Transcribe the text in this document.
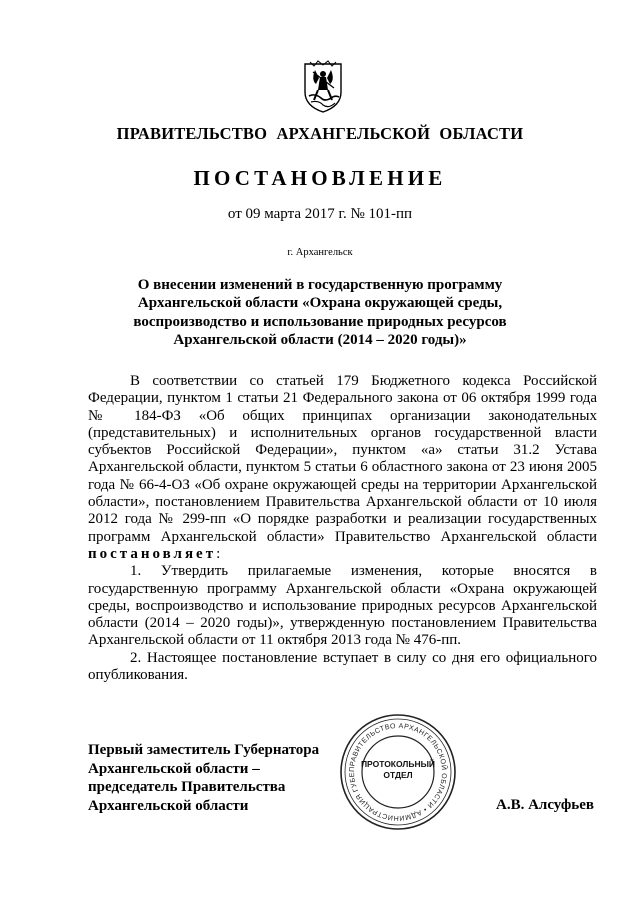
ПРАВИТЕЛЬСТВО АРХАНГЕЛЬСКОЙ ОБЛАСТИ
ПОСТАНОВЛЕНИЕ
от 09 марта 2017 г. № 101-пп
г. Архангельск
О внесении изменений в государственную программу
Архангельской области «Охрана окружающей среды,
воспроизводство и использование природных ресурсов
Архангельской области (2014 – 2020 годы)»

В соответствии со статьей 179 Бюджетного кодекса Российской Федерации, пунктом 1 статьи 21 Федерального закона от 06 октября 1999 года № 184-ФЗ «Об общих принципах организации законодательных (представительных) и исполнительных органов государственной власти субъектов Российской Федерации», пунктом «а» статьи 31.2 Устава Архангельской области, пунктом 5 статьи 6 областного закона от 23 июня 2005 года № 66-4-ОЗ «Об охране окружающей среды на территории Архангельской области», постановлением Правительства Архангельской области от 10 июля 2012 года № 299-пп «О порядке разработки и реализации государственных программ Архангельской области» Правительство Архангельской области постановляет:

1. Утвердить прилагаемые изменения, которые вносятся в государственную программу Архангельской области «Охрана окружающей среды, воспроизводство и использование природных ресурсов Архангельской области (2014 – 2020 годы)», утвержденную постановлением Правительства Архангельской области от 11 октября 2013 года № 476-пп.

2. Настоящее постановление вступает в силу со дня его официального опубликования.

Первый заместитель Губернатора
Архангельской области –
председатель Правительства
Архангельской области
ПРАВИТЕЛЬСТВО АРХАНГЕЛЬСКОЙ ОБЛАСТИ • АДМИНИСТРАЦИЯ ГУБЕ
ПРОТОКОЛЬНЫЙ
ОТДЕЛ
А.В. Алсуфьев
